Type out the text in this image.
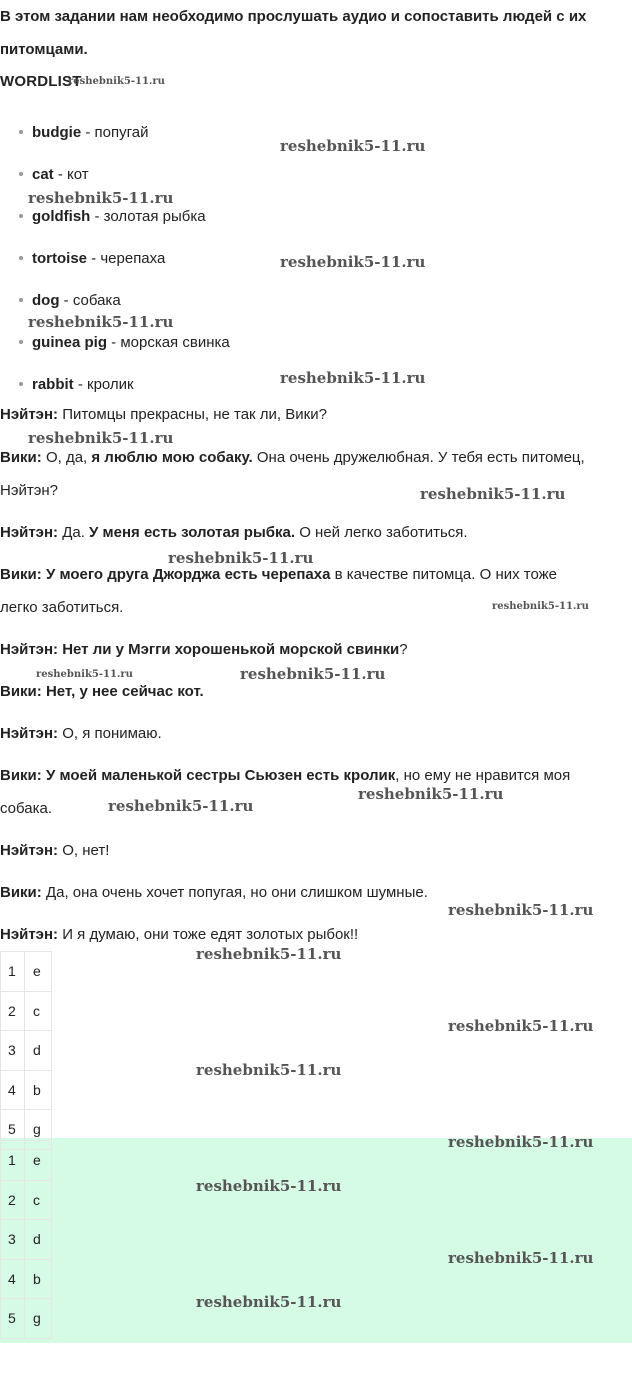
В этом задании нам необходимо прослушать аудио и сопоставить людей с их
питомцами.
WORDLIST
budgie - попугай
cat - кот
goldfish - золотая рыбка
tortoise - черепаха
dog - собака
guinea pig - морская свинка
rabbit - кролик
Нэйтэн: Питомцы прекрасны, не так ли, Вики?
Вики: О, да, я люблю мою собаку. Она очень дружелюбная. У тебя есть питомец,
Нэйтэн?
Нэйтэн: Да. У меня есть золотая рыбка. О ней легко заботиться.
Вики: У моего друга Джорджа есть черепаха в качестве питомца. О них тоже
легко заботиться.
Нэйтэн: Нет ли у Мэгги хорошенькой морской свинки?
Вики: Нет, у нее сейчас кот.
Нэйтэн: О, я понимаю.
Вики: У моей маленькой сестры Сьюзен есть кролик, но ему не нравится моя
собака.
Нэйтэн: О, нет!
Вики: Да, она очень хочет попугая, но они слишком шумные.
Нэйтэн: И я думаю, они тоже едят золотых рыбок!!
1	e
2	c
3	d
4	b
5	g
1	e
2	c
3	d
4	b
5	g
reshebnik5-11.ru
reshebnik5-11.ru
reshebnik5-11.ru
reshebnik5-11.ru
reshebnik5-11.ru
reshebnik5-11.ru
reshebnik5-11.ru
reshebnik5-11.ru
reshebnik5-11.ru
reshebnik5-11.ru
reshebnik5-11.ru	reshebnik5-11.ru
reshebnik5-11.ru
reshebnik5-11.ru
reshebnik5-11.ru
reshebnik5-11.ru
reshebnik5-11.ru
reshebnik5-11.ru
reshebnik5-11.ru
reshebnik5-11.ru
reshebnik5-11.ru
reshebnik5-11.ru
